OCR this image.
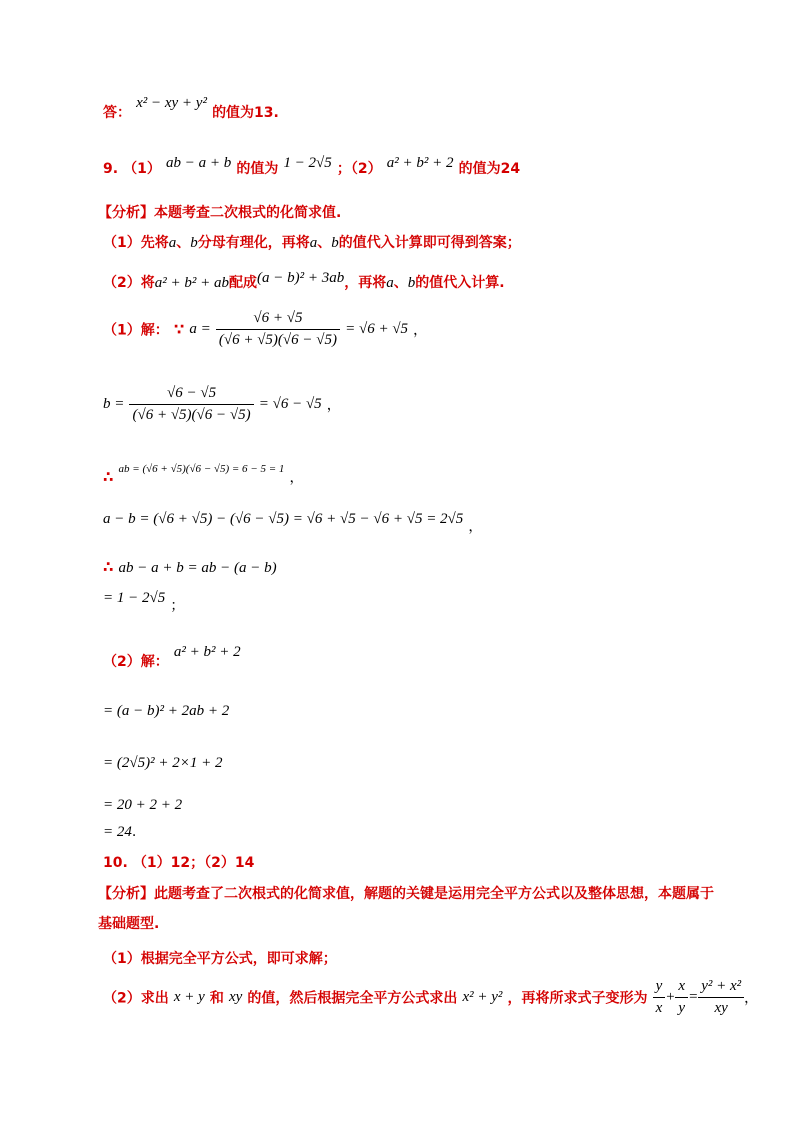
答： x² − xy + y² 的值为13.
9. （1） ab − a + b 的值为 1 − 2√5 ；（2） a² + b² + 2 的值为24
【分析】本题考查二次根式的化简求值.
（1）先将a、b分母有理化，再将a、b的值代入计算即可得到答案；
（2）将a² + b² + ab配成(a − b)² + 3ab，再将a、b的值代入计算.
（1）解： ∵ $a = \frac{√6 + √5}{(√6 + √5)(√6 - √5)} = √6 + √5$ ，
$b = \frac{√6 - √5}{(√6 + √5)(√6 - √5)} = √6 - √5$ ，
∴ ab = (√6 + √5)(√6 − √5) = 6 − 5 = 1 ，
a − b = (√6 + √5) − (√6 − √5) = √6 + √5 − √6 + √5 = 2√5 ，
∴ ab − a + b = ab − (a − b)
= 1 − 2√5 ；
（2）解： a² + b² + 2
= (a − b)² + 2ab + 2
= (2√5)² + 2×1 + 2
= 20 + 2 + 2
= 24.
10. （1）12；（2）14
【分析】此题考查了二次根式的化简求值，解题的关键是运用完全平方公式以及整体思想，本题属于
基础题型.
（1）根据完全平方公式，即可求解；
（2）求出 x + y 和 xy 的值，然后根据完全平方公式求出 x² + y² ，再将所求式子变形为 $\frac{y}{x} + \frac{x}{y} = \frac{\text{y² + x²}}{xy}$ ，
